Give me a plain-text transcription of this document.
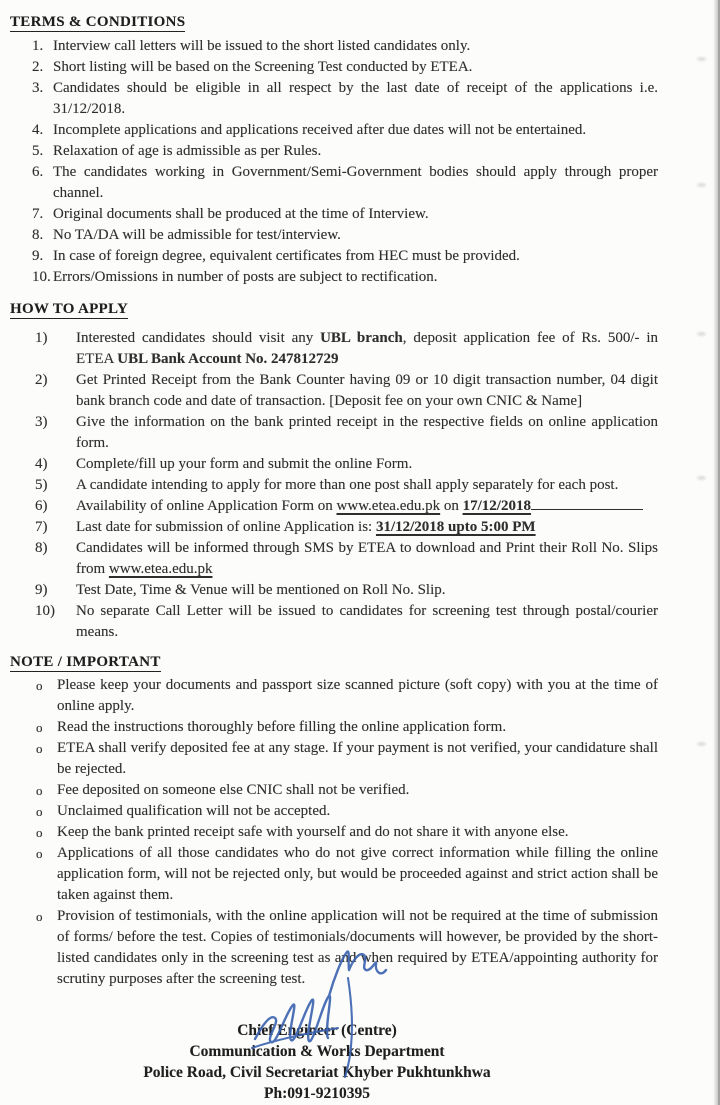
TERMS & CONDITIONS
1. Interview call letters will be issued to the short listed candidates only.
2. Short listing will be based on the Screening Test conducted by ETEA.
3. Candidates should be eligible in all respect by the last date of receipt of the applications i.e. 31/12/2018.
4. Incomplete applications and applications received after due dates will not be entertained.
5. Relaxation of age is admissible as per Rules.
6. The candidates working in Government/Semi-Government bodies should apply through proper channel.
7. Original documents shall be produced at the time of Interview.
8. No TA/DA will be admissible for test/interview.
9. In case of foreign degree, equivalent certificates from HEC must be provided.
10. Errors/Omissions in number of posts are subject to rectification.
HOW TO APPLY
1)	Interested candidates should visit any UBL branch, deposit application fee of Rs. 500/- in ETEA UBL Bank Account No. 247812729
2)	Get Printed Receipt from the Bank Counter having 09 or 10 digit transaction number, 04 digit bank branch code and date of transaction. [Deposit fee on your own CNIC & Name]
3)	Give the information on the bank printed receipt in the respective fields on online application form.
4)	Complete/fill up your form and submit the online Form.
5)	A candidate intending to apply for more than one post shall apply separately for each post.
6)	Availability of online Application Form on www.etea.edu.pk on 17/12/2018
7)	Last date for submission of online Application is: 31/12/2018 upto 5:00 PM
8)	Candidates will be informed through SMS by ETEA to download and Print their Roll No. Slips from www.etea.edu.pk
9)	Test Date, Time & Venue will be mentioned on Roll No. Slip.
10)	No separate Call Letter will be issued to candidates for screening test through postal/courier means.
NOTE / IMPORTANT
o Please keep your documents and passport size scanned picture (soft copy) with you at the time of online apply.
o Read the instructions thoroughly before filling the online application form.
o ETEA shall verify deposited fee at any stage. If your payment is not verified, your candidature shall be rejected.
o Fee deposited on someone else CNIC shall not be verified.
o Unclaimed qualification will not be accepted.
o Keep the bank printed receipt safe with yourself and do not share it with anyone else.
o Applications of all those candidates who do not give correct information while filling the online application form, will not be rejected only, but would be proceeded against and strict action shall be taken against them.
o Provision of testimonials, with the online application will not be required at the time of submission of forms/ before the test. Copies of testimonials/documents will however, be provided by the short-listed candidates only in the screening test as and when required by ETEA/appointing authority for scrutiny purposes after the screening test.
Chief Engineer (Centre)
Communication & Works Department
Police Road, Civil Secretariat Khyber Pukhtunkhwa
Ph:091-9210395
